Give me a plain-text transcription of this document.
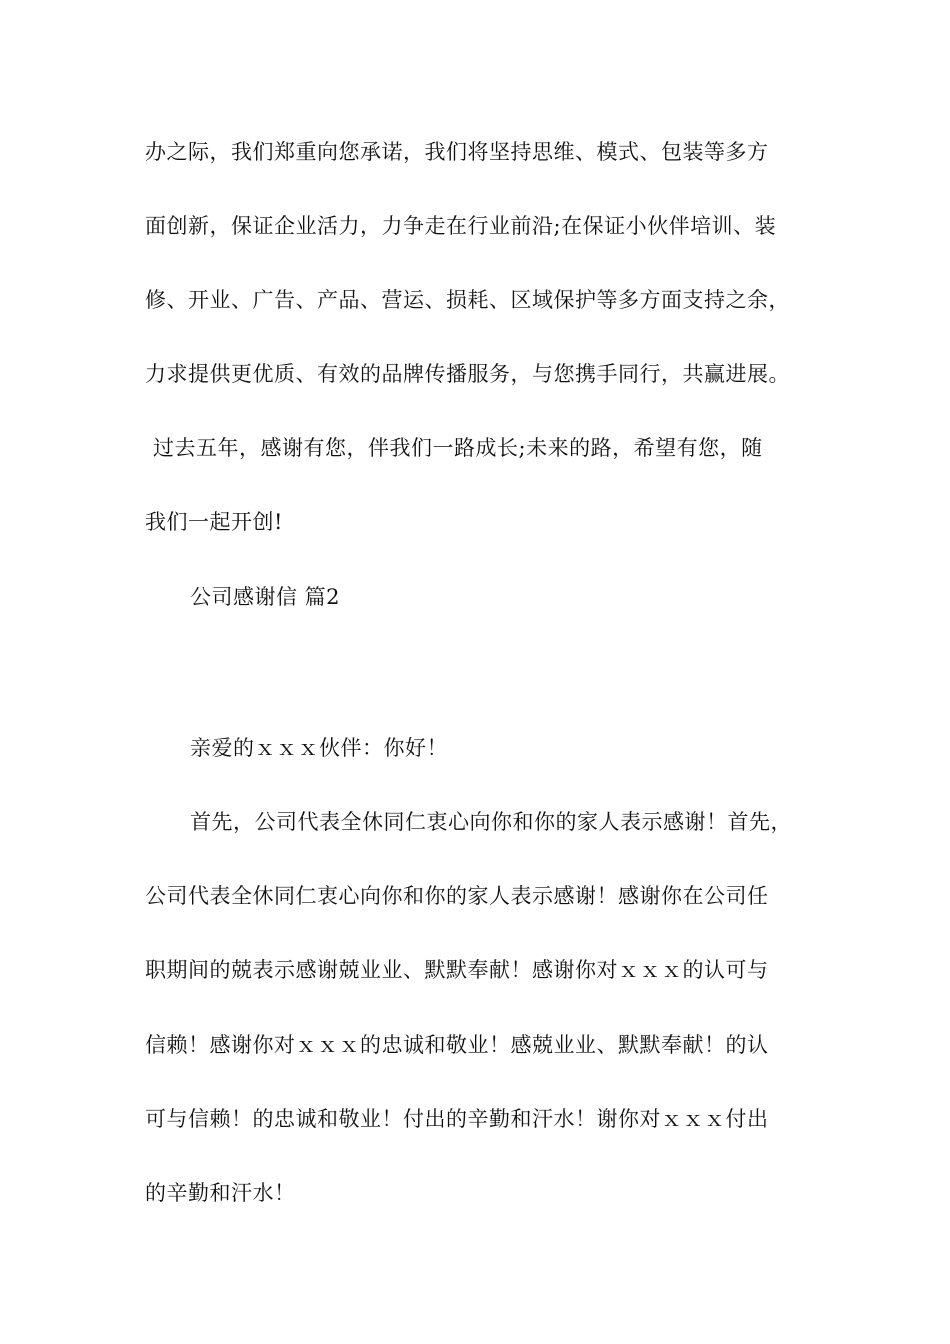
办之际，我们郑重向您承诺，我们将坚持思维、模式、包装等多方
面创新，保证企业活力，力争走在行业前沿;在保证小伙伴培训、装
修、开业、广告、产品、营运、损耗、区域保护等多方面支持之余，
力求提供更优质、有效的品牌传播服务，与您携手同行，共赢进展。
过去五年，感谢有您，伴我们一路成长;未来的路，希望有您，随
我们一起开创!
公司感谢信 篇2
亲爱的ｘｘｘ伙伴：你好！
首先，公司代表全休同仁衷心向你和你的家人表示感谢！首先，
公司代表全休同仁衷心向你和你的家人表示感谢！感谢你在公司任
职期间的兢表示感谢兢业业、默默奉献！感谢你对ｘｘｘ的认可与
信赖！感谢你对ｘｘｘ的忠诚和敬业！感兢业业、默默奉献！的认
可与信赖！的忠诚和敬业！付出的辛勤和汗水！谢你对ｘｘｘ付出
的辛勤和汗水！
